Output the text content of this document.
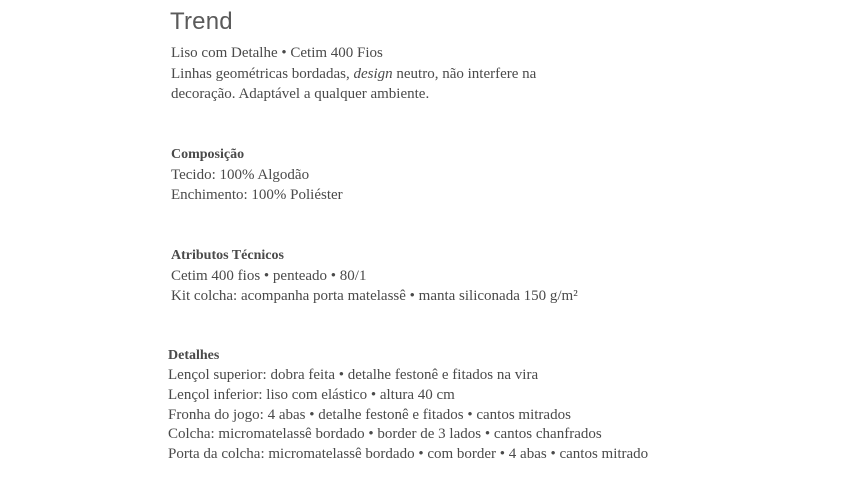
Trend

Liso com Detalhe • Cetim 400 Fios

Linhas geométricas bordadas, design neutro, não interfere na

decoração. Adaptável a qualquer ambiente.

Composição

Tecido: 100% Algodão

Enchimento: 100% Poliéster

Atributos Técnicos

Cetim 400 fios • penteado • 80/1

Kit colcha: acompanha porta matelassê • manta siliconada 150 g/m²

Detalhes

Lençol superior: dobra feita • detalhe festonê e fitados na vira

Lençol inferior: liso com elástico • altura 40 cm

Fronha do jogo: 4 abas • detalhe festonê e fitados • cantos mitrados

Colcha: micromatelassê bordado • border de 3 lados • cantos chanfrados

Porta da colcha: micromatelassê bordado • com border • 4 abas • cantos mitrado
